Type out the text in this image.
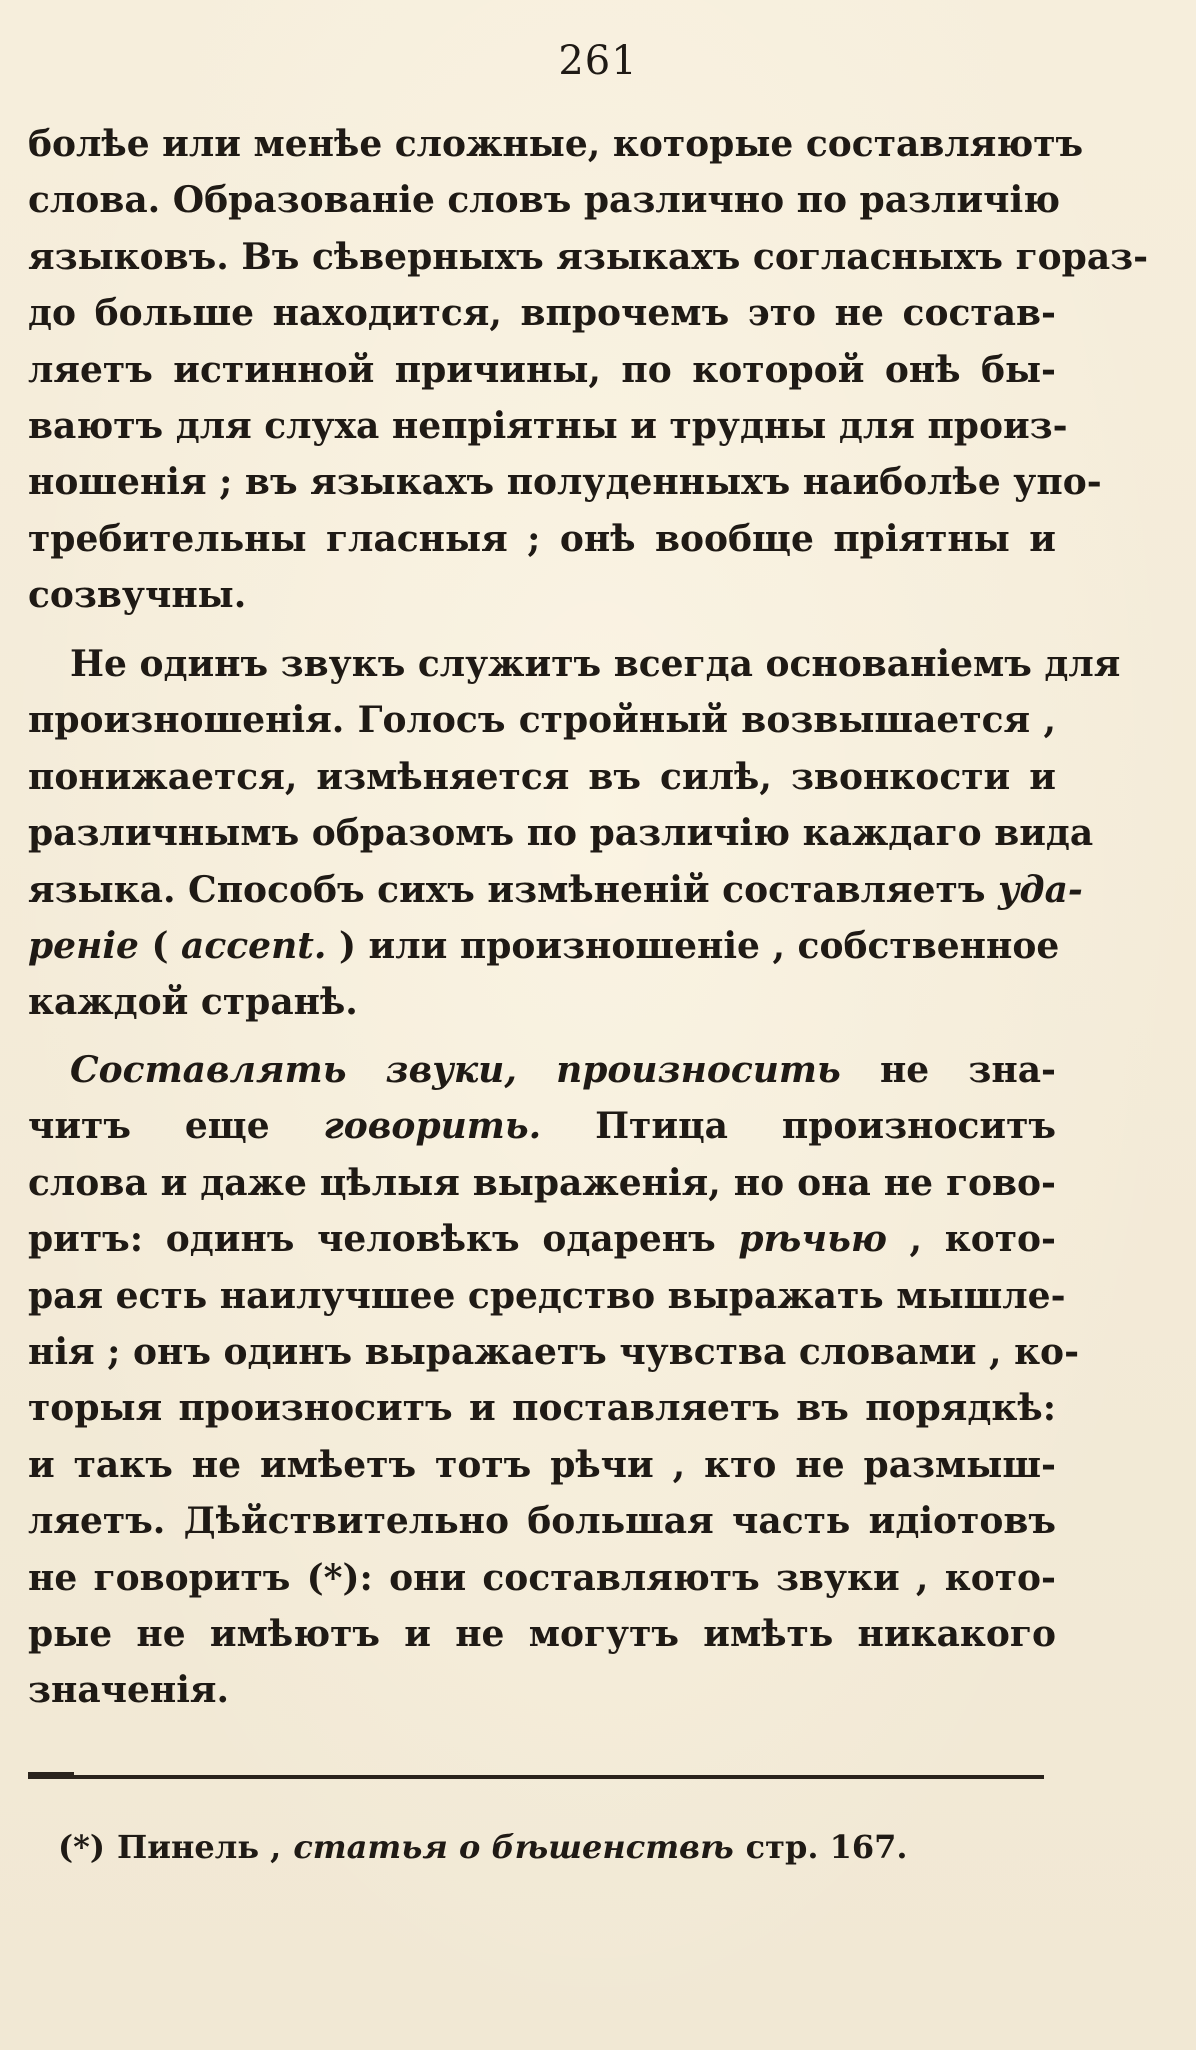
261
болѣе или менѣе сложные, которые составляютъ
слова. Образованіе словъ различно по различію
языковъ. Въ сѣверныхъ языкахъ согласныхъ гораз-
до больше находится, впрочемъ это не состав-
ляетъ истинной причины, по которой онѣ бы-
ваютъ для слуха непріятны и трудны для произ-
ношенія ; въ языкахъ полуденныхъ наиболѣе упо-
требительны гласныя ; онѣ вообще пріятны и
созвучны.
Не одинъ звукъ служитъ всегда основаніемъ для
произношенія. Голосъ стройный возвышается ,
понижается, измѣняется въ силѣ, звонкости и
различнымъ образомъ по различію каждаго вида
языка. Способъ сихъ измѣненій составляетъ уда-
реніе ( accent. ) или произношеніе , собственное
каждой странѣ.
Составлять звуки, произносить не зна-
читъ еще говорить. Птица произноситъ
слова и даже цѣлыя выраженія, но она не гово-
ритъ: одинъ человѣкъ одаренъ рѣчью , кото-
рая есть наилучшее средство выражать мышле-
нія ; онъ одинъ выражаетъ чувства словами , ко-
торыя произноситъ и поставляетъ въ порядкѣ:
и такъ не имѣетъ тотъ рѣчи , кто не размыш-
ляетъ. Дѣйствительно большая часть идіотовъ
не говоритъ (*): они составляютъ звуки , кото-
рые не имѣютъ и не могутъ имѣть никакого
значенія.
(*) Пинель , статья о бѣшенствѣ стр. 167.
